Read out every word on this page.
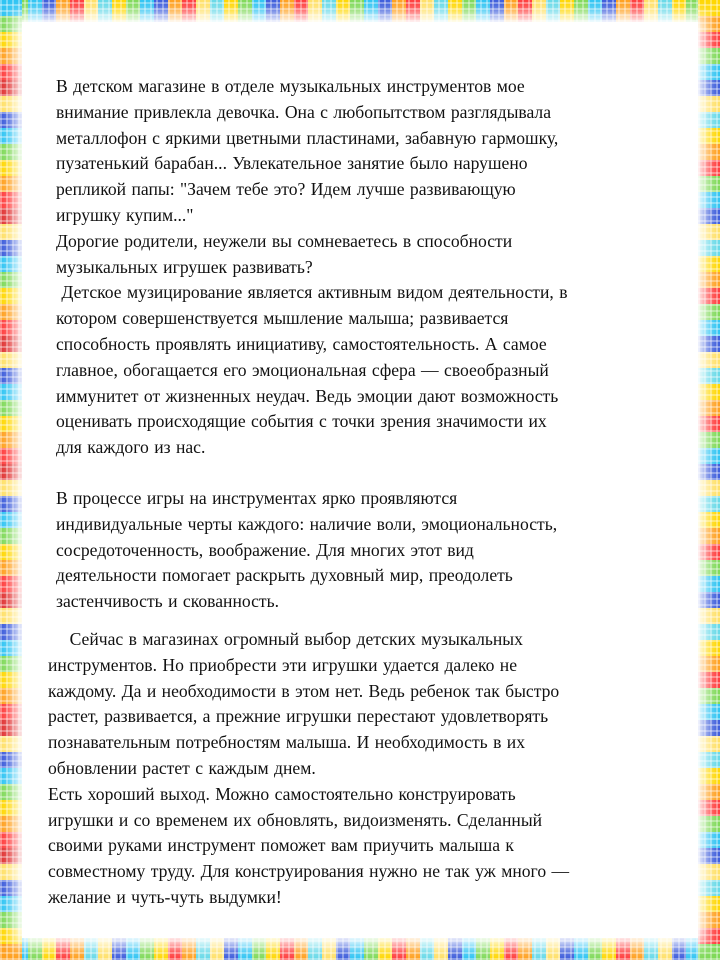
В детском магазине в отделе музыкальных инструментов мое
внимание привлекла девочка. Она с любопытством разглядывала
металлофон с яркими цветными пластинами, забавную гармошку,
пузатенький барабан... Увлекательное занятие было нарушено
репликой папы: "Зачем тебе это? Идем лучше развивающую
игрушку купим..."
Дорогие родители, неужели вы сомневаетесь в способности
музыкальных игрушек развивать?
Детское музицирование является активным видом деятельности, в
котором совершенствуется мышление малыша; развивается
способность проявлять инициативу, самостоятельность. А самое
главное, обогащается его эмоциональная сфера — своеобразный
иммунитет от жизненных неудач. Ведь эмоции дают возможность
оценивать происходящие события с точки зрения значимости их
для каждого из нас.
В процессе игры на инструментах ярко проявляются
индивидуальные черты каждого: наличие воли, эмоциональность,
сосредоточенность, воображение. Для многих этот вид
деятельности помогает раскрыть духовный мир, преодолеть
застенчивость и скованность.
Сейчас в магазинах огромный выбор детских музыкальных
инструментов. Но приобрести эти игрушки удается далеко не
каждому. Да и необходимости в этом нет. Ведь ребенок так быстро
растет, развивается, а прежние игрушки перестают удовлетворять
познавательным потребностям малыша. И необходимость в их
обновлении растет с каждым днем.
Есть хороший выход. Можно самостоятельно конструировать
игрушки и со временем их обновлять, видоизменять. Сделанный
своими руками инструмент поможет вам приучить малыша к
совместному труду. Для конструирования нужно не так уж много —
желание и чуть-чуть выдумки!
